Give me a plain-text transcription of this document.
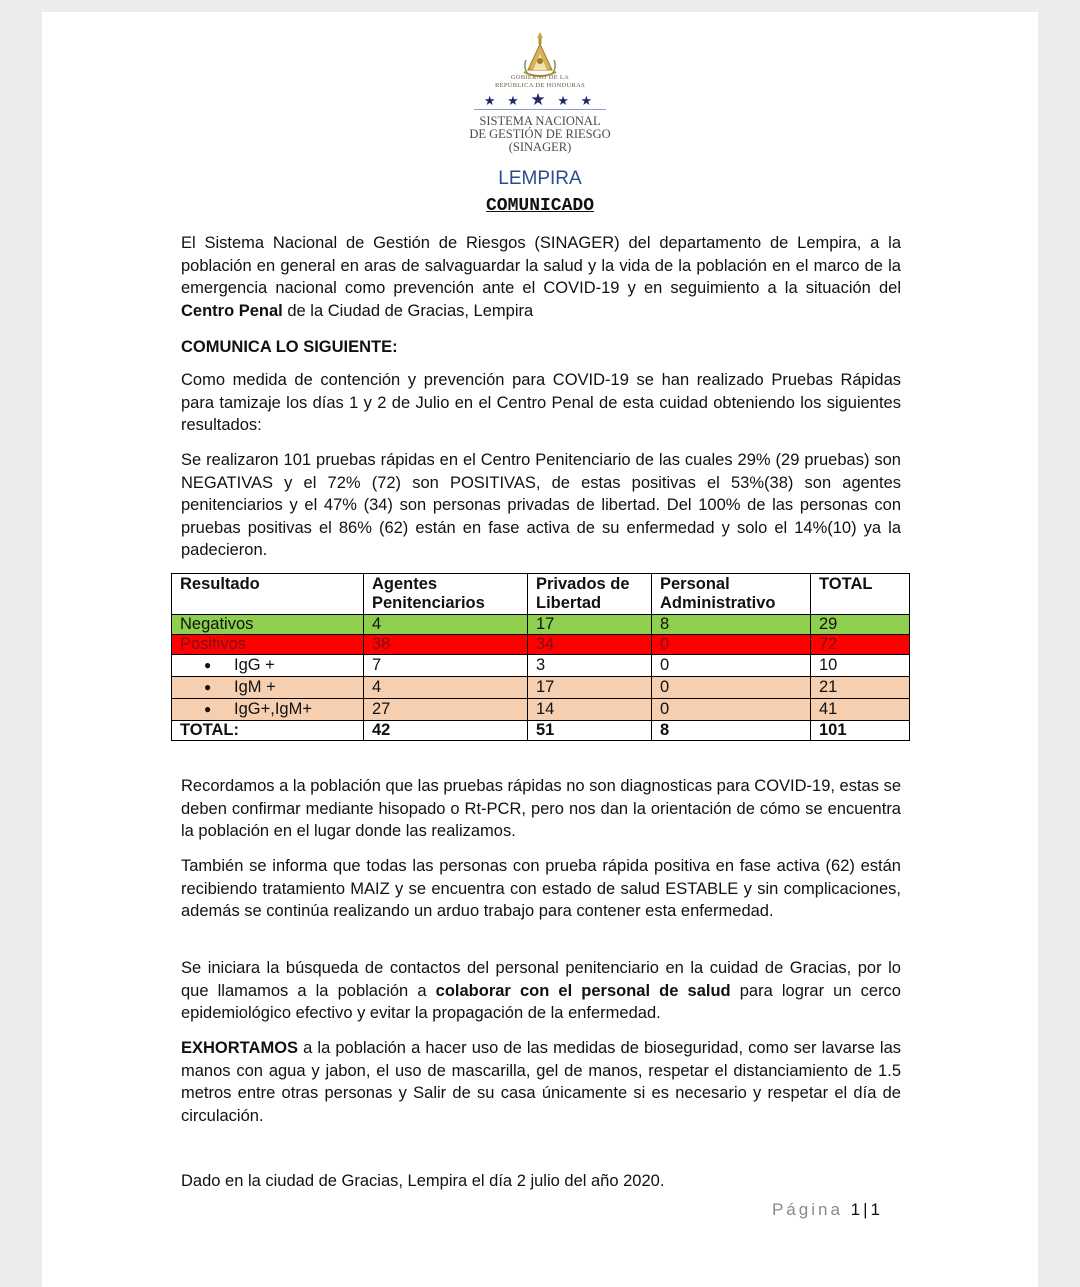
GOBIERNO DE LA
REPÚBLICA DE HONDURAS
★ ★ ★ ★ ★
SISTEMA NACIONAL
DE GESTIÓN DE RIESGO
(SINAGER)
LEMPIRA
COMUNICADO

El Sistema Nacional de Gestión de Riesgos (SINAGER) del departamento de Lempira, a la población en general en aras de salvaguardar la salud y la vida de la población en el marco de la emergencia nacional como prevención ante el COVID-19 y en seguimiento a la situación del Centro Penal de la Ciudad de Gracias, Lempira

COMUNICA LO SIGUIENTE:

Como medida de contención y prevención para COVID-19 se han realizado Pruebas Rápidas para tamizaje los días 1 y 2 de Julio en el Centro Penal de esta cuidad obteniendo los siguientes resultados:

Se realizaron 101 pruebas rápidas en el Centro Penitenciario de las cuales 29% (29 pruebas) son NEGATIVAS y el 72% (72) son POSITIVAS, de estas positivas el 53%(38) son agentes penitenciarios y el 47% (34) son personas privadas de libertad. Del 100% de las personas con pruebas positivas el 86% (62) están en fase activa de su enfermedad y solo el 14%(10) ya la padecieron.

Resultado	Agentes Penitenciarios	Privados de Libertad	Personal Administrativo	TOTAL
Negativos	4	17	8	29
Positivos	38	34	0	72
● IgG +	7	3	0	10
● IgM +	4	17	0	21
● IgG+,IgM+	27	14	0	41
TOTAL:	42	51	8	101

Recordamos a la población que las pruebas rápidas no son diagnosticas para COVID-19, estas se deben confirmar mediante hisopado o Rt-PCR, pero nos dan la orientación de cómo se encuentra la población en el lugar donde las realizamos.

También se informa que todas las personas con prueba rápida positiva en fase activa (62) están recibiendo tratamiento MAIZ y se encuentra con estado de salud ESTABLE y sin complicaciones, además se continúa realizando un arduo trabajo para contener esta enfermedad.

Se iniciara la búsqueda de contactos del personal penitenciario en la cuidad de Gracias, por lo que llamamos a la población a colaborar con el personal de salud para lograr un cerco epidemiológico efectivo y evitar la propagación de la enfermedad.

EXHORTAMOS a la población a hacer uso de las medidas de bioseguridad, como ser lavarse las manos con agua y jabon, el uso de mascarilla, gel de manos, respetar el distanciamiento de 1.5 metros entre otras personas y Salir de su casa únicamente si es necesario y respetar el día de circulación.

Dado en la ciudad de Gracias, Lempira el día 2 julio del año 2020.
Página 1 | 1
